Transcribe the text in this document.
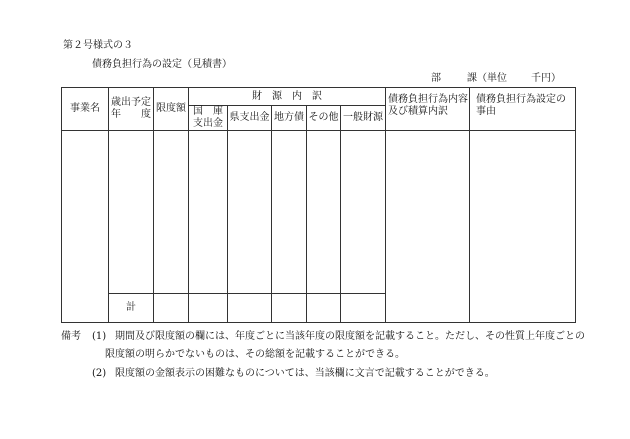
第２号様式の３
債務負担行為の設定（見積書）
部	課（単位 千円）
事業名
歳出予定
年　　度
限度額
財　源　内　訳
国　庫
支出金
県支出金 地方債 その他 一般財源
債務負担行為内容
及び積算内訳
債務負担行為設定の
事由
計
備考 (1) 期間及び限度額の欄には、年度ごとに当該年度の限度額を記載すること。ただし、その性質上年度ごとの
限度額の明らかでないものは、その総額を記載することができる。
(2) 限度額の金額表示の困難なものについては、当該欄に文言で記載することができる。
